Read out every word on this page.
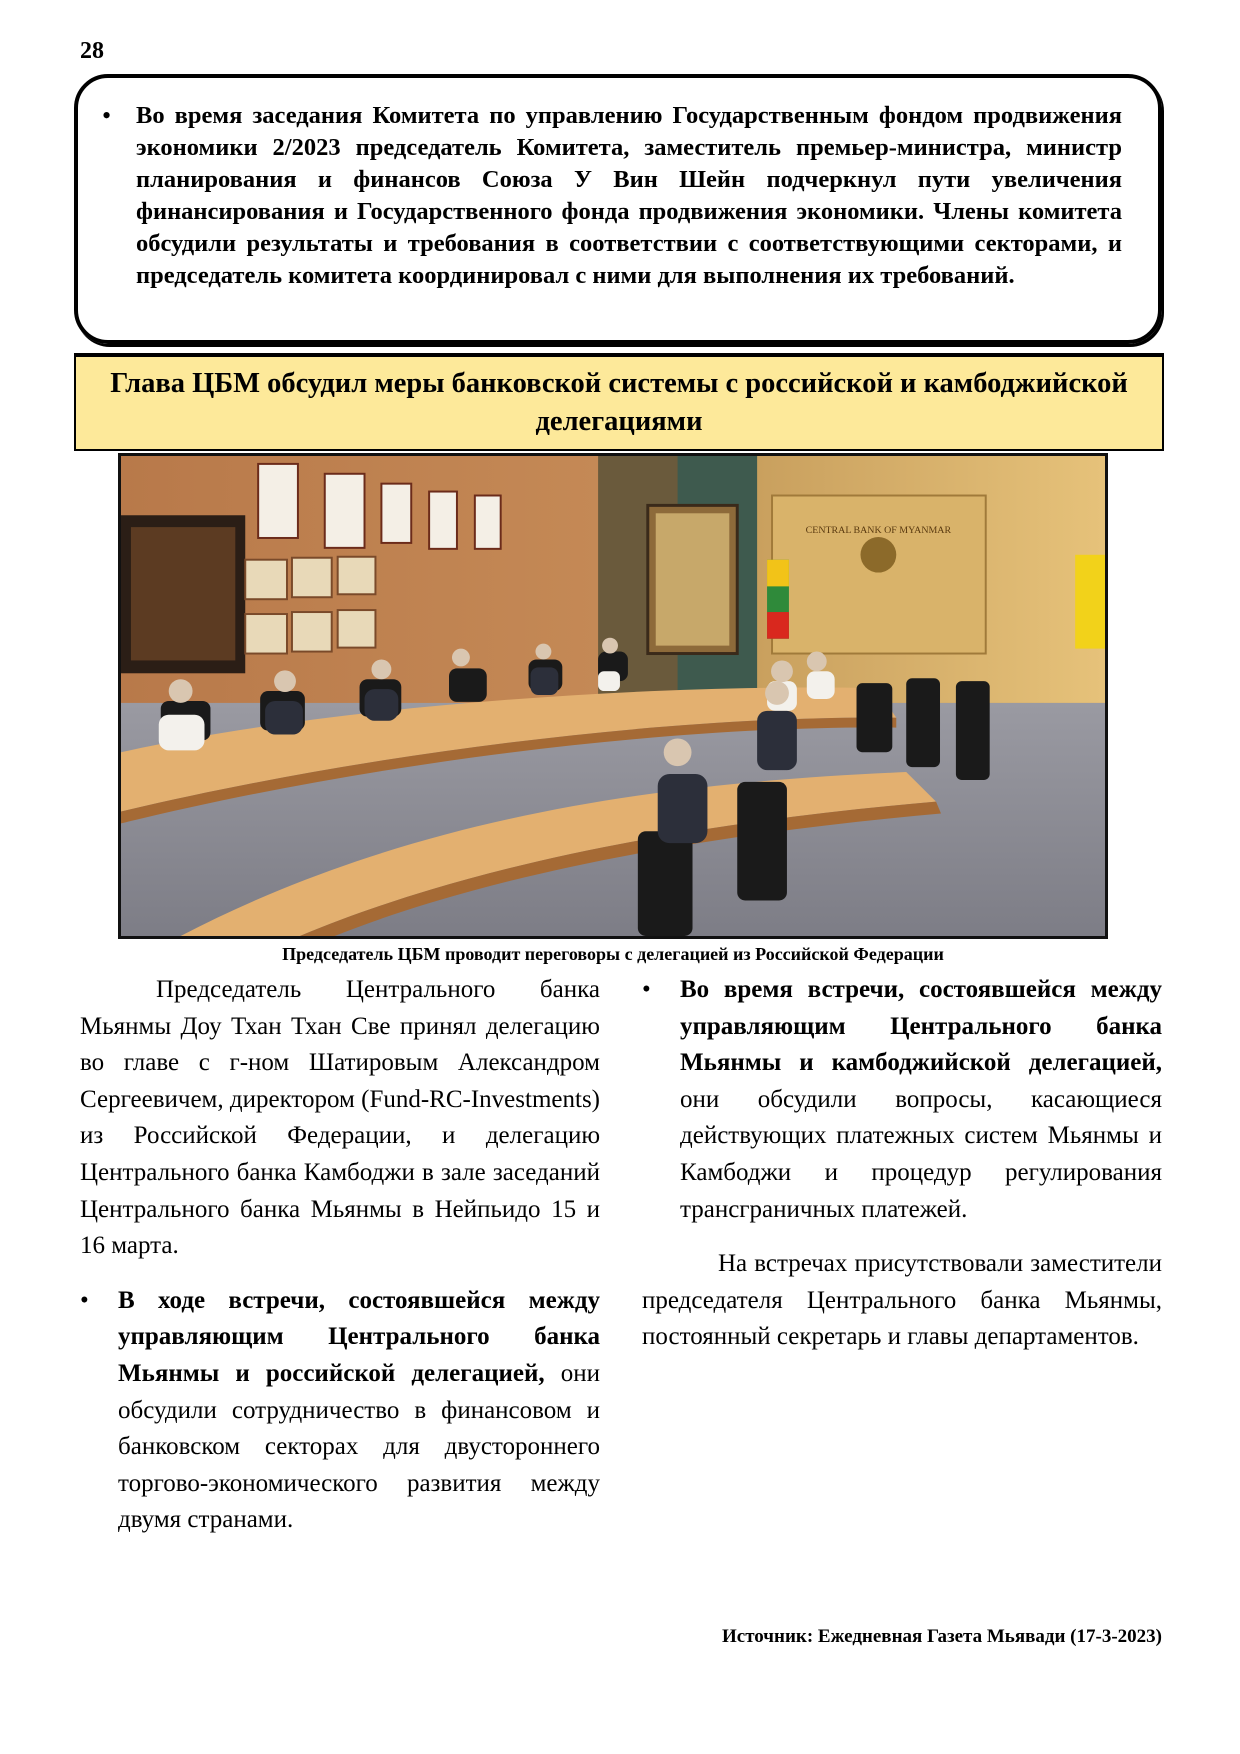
28
• Во время заседания Комитета по управлению Государственным фондом продвижения экономики 2/2023 председатель Комитета, заместитель премьер-министра, министр планирования и финансов Союза У Вин Шейн подчеркнул пути увеличения финансирования и Государственного фонда продвижения экономики. Члены комитета обсудили результаты и требования в соответствии с соответствующими секторами, и председатель комитета координировал с ними для выполнения их требований.

Глава ЦБМ обсудил меры банковской системы с российской и камбоджийской делегациями
CENTRAL BANK OF MYANMAR
Председатель ЦБМ проводит переговоры с делегацией из Российской Федерации

Председатель Центрального банка Мьянмы Доу Тхан Тхан Све принял делегацию во главе с г-ном Шатировым Александром Сергеевичем, директором (Fund-RC-Investments) из Российской Федерации, и делегацию Центрального банка Камбоджи в зале заседаний Центрального банка Мьянмы в Нейпьидо 15 и 16 марта.

• В ходе встречи, состоявшейся между управляющим Центрального банка Мьянмы и российской делегацией, они обсудили сотрудничество в финансовом и банковском секторах для двустороннего торгово-экономического развития между двумя странами.

• Во время встречи, состоявшейся между управляющим Центрального банка Мьянмы и камбоджийской делегацией, они обсудили вопросы, касающиеся действующих платежных систем Мьянмы и Камбоджи и процедур регулирования трансграничных платежей.

На встречах присутствовали заместители председателя Центрального банка Мьянмы, постоянный секретарь и главы департаментов.

Источник: Ежедневная Газета Мьявади (17-3-2023)
